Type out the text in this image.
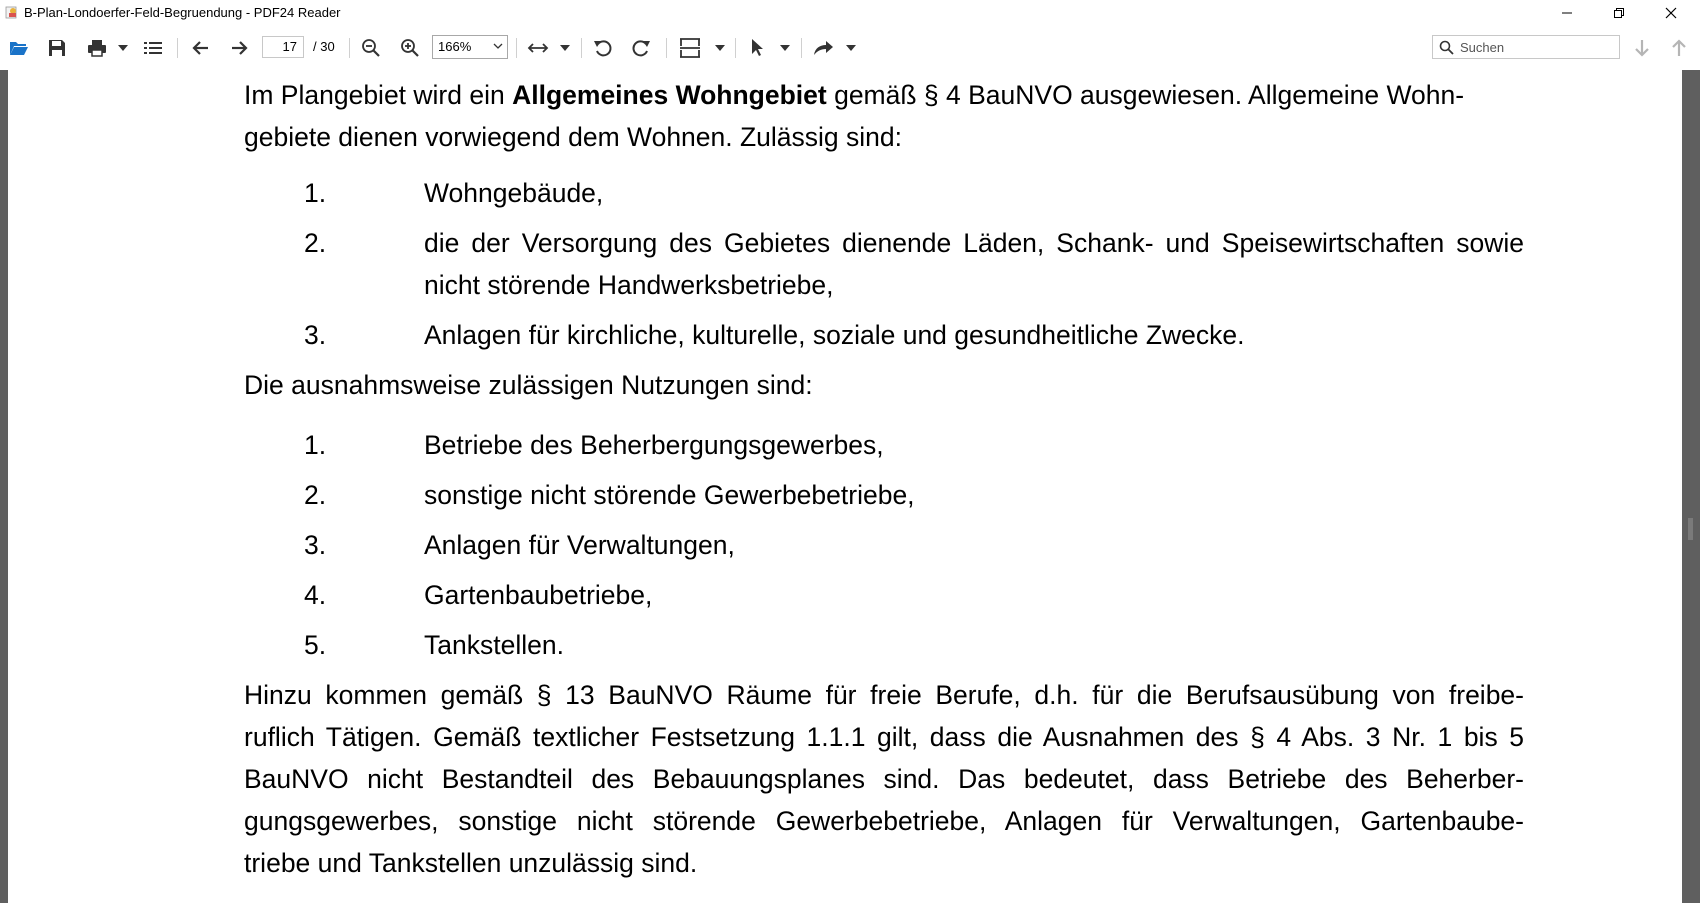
B-Plan-Londoerfer-Feld-Begruendung - PDF24 Reader
17	/ 30	166%	Suchen
Im Plangebiet wird ein Allgemeines Wohngebiet gemäß § 4 BauNVO ausgewiesen. Allgemeine Wohn-
gebiete dienen vorwiegend dem Wohnen. Zulässig sind:
1.	Wohngebäude,
2.	die der Versorgung des Gebietes dienende Läden, Schank- und Speisewirtschaften sowie
nicht störende Handwerksbetriebe,
3.	Anlagen für kirchliche, kulturelle, soziale und gesundheitliche Zwecke.
Die ausnahmsweise zulässigen Nutzungen sind:
1.	Betriebe des Beherbergungsgewerbes,
2.	sonstige nicht störende Gewerbebetriebe,
3.	Anlagen für Verwaltungen,
4.	Gartenbaubetriebe,
5.	Tankstellen.
Hinzu kommen gemäß § 13 BauNVO Räume für freie Berufe, d.h. für die Berufsausübung von freibe-
ruflich Tätigen. Gemäß textlicher Festsetzung 1.1.1 gilt, dass die Ausnahmen des § 4 Abs. 3 Nr. 1 bis 5
BauNVO nicht Bestandteil des Bebauungsplanes sind. Das bedeutet, dass Betriebe des Beherber-
gungsgewerbes, sonstige nicht störende Gewerbebetriebe, Anlagen für Verwaltungen, Gartenbaube-
triebe und Tankstellen unzulässig sind.
